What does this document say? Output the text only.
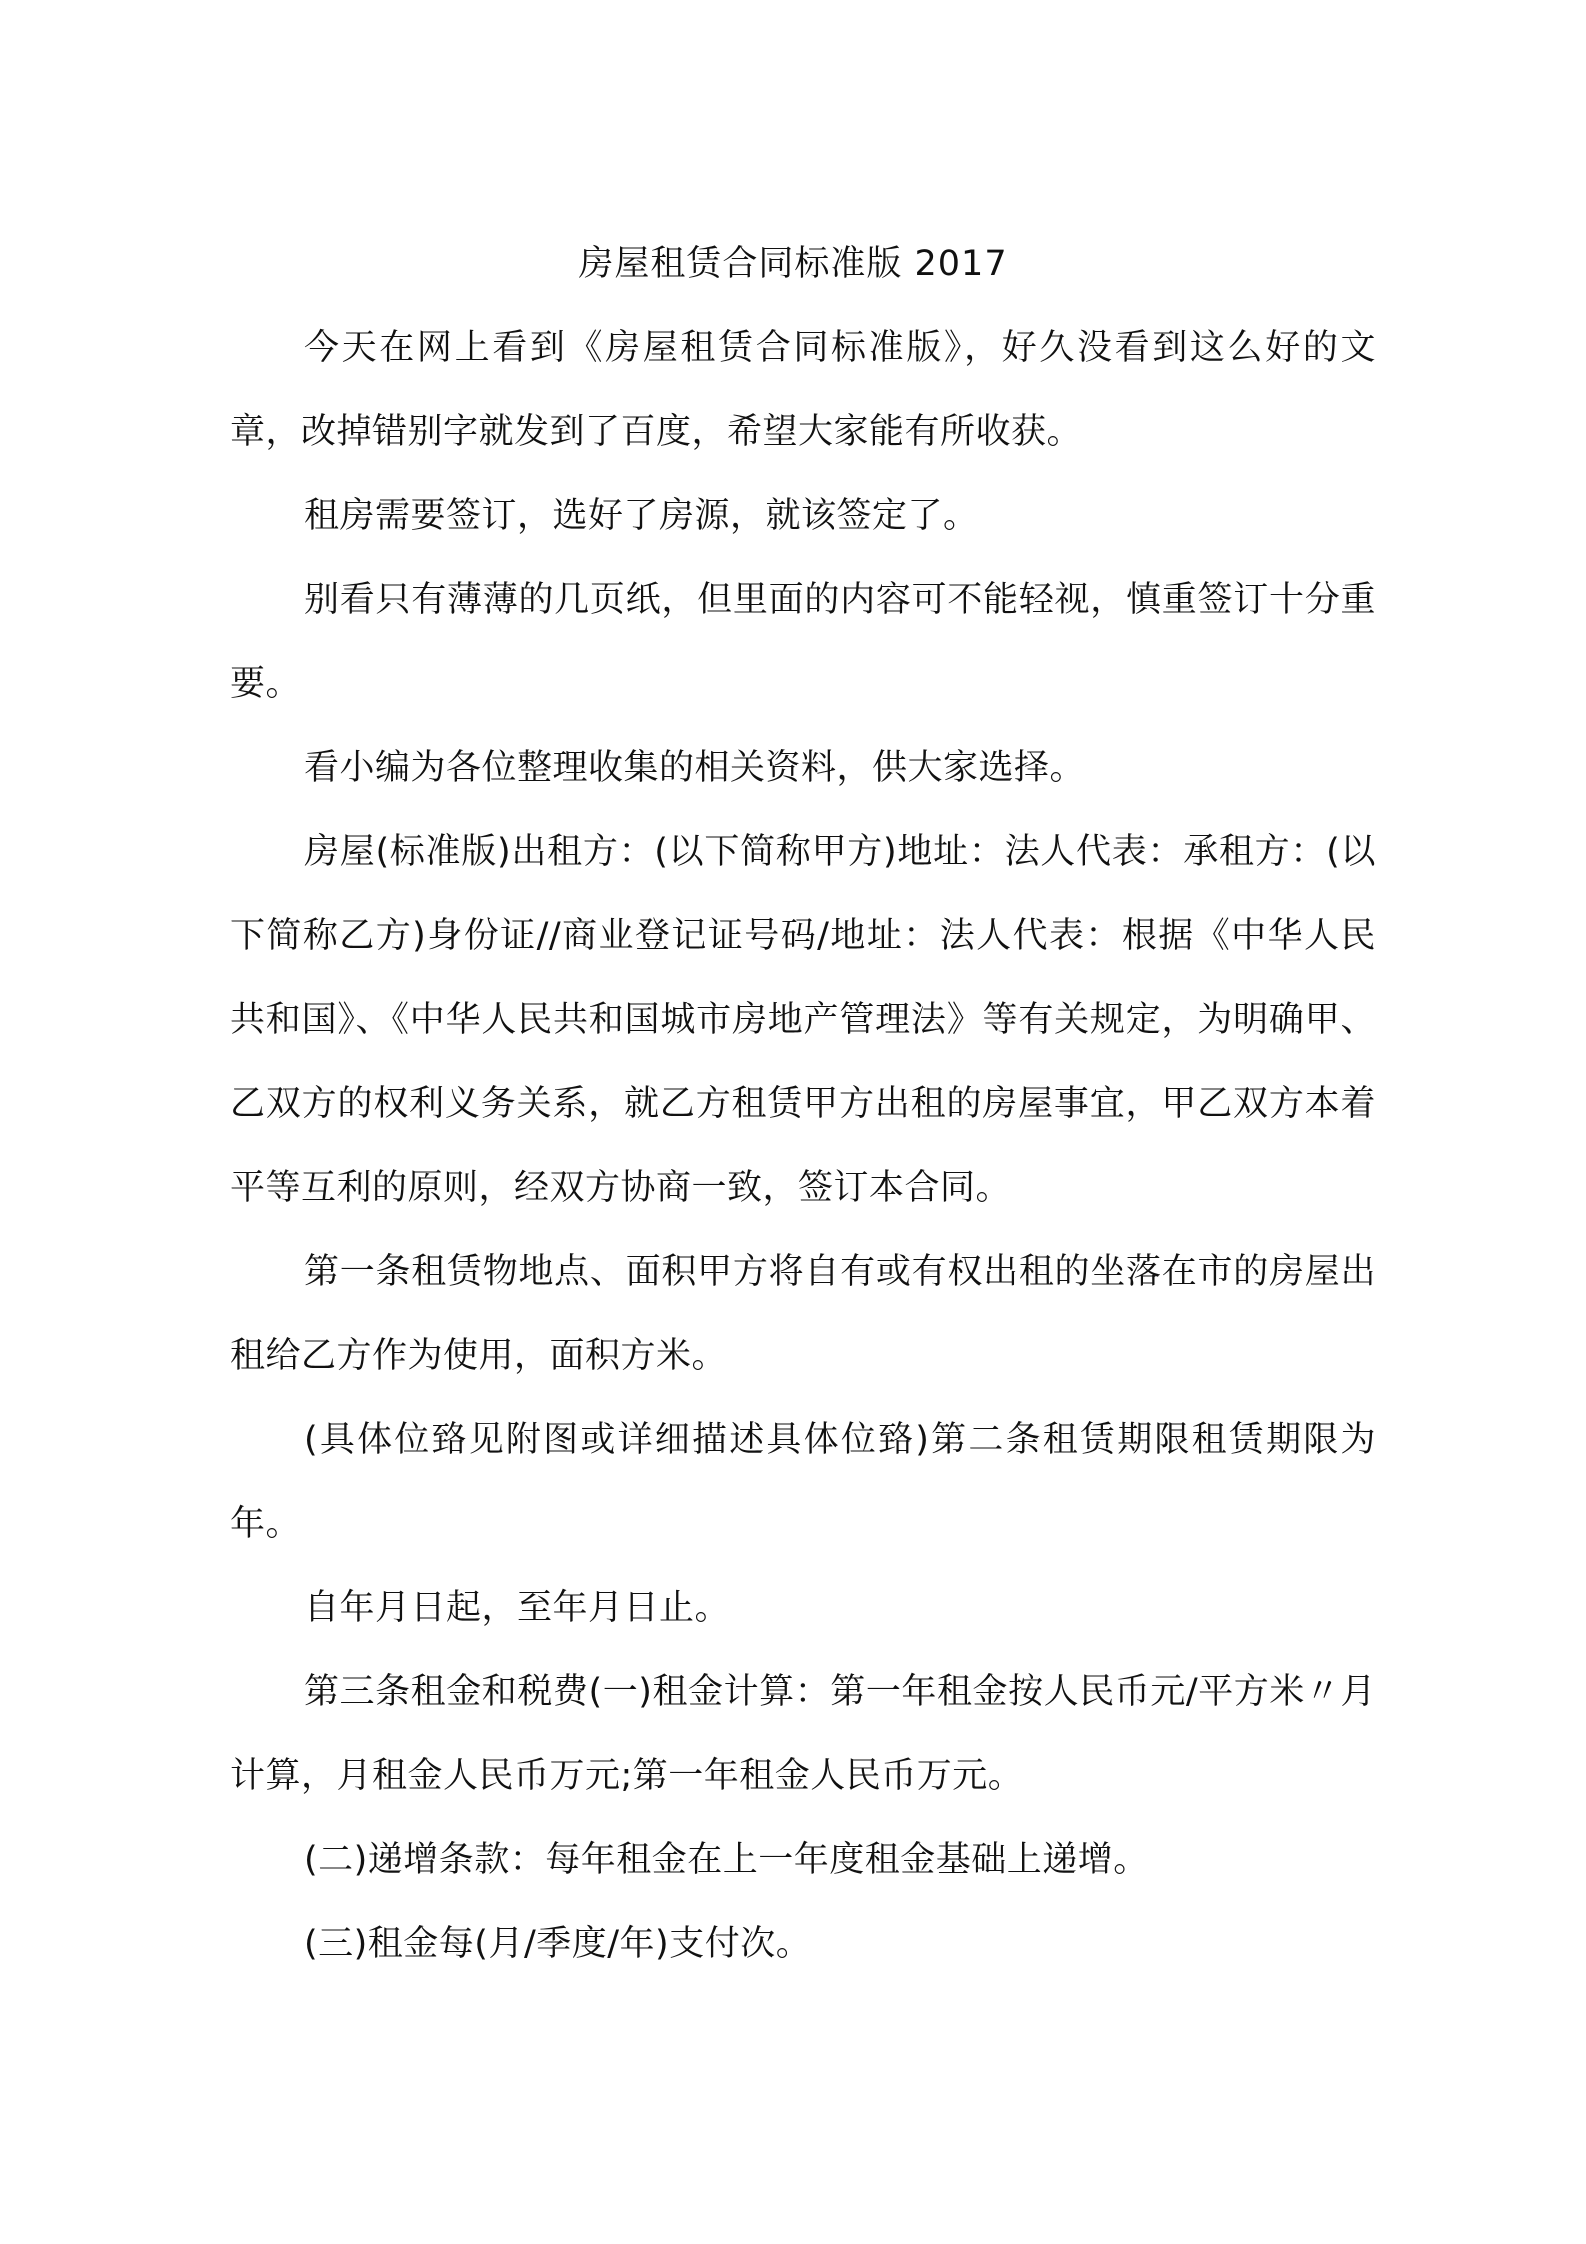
房屋租赁合同标准版 2017

今天在网上看到《房屋租赁合同标准版》，好久没看到这么好的文章，改掉错别字就发到了百度，希望大家能有所收获。

租房需要签订，选好了房源，就该签定了。

别看只有薄薄的几页纸，但里面的内容可不能轻视，慎重签订十分重要。

看小编为各位整理收集的相关资料，供大家选择。

房屋(标准版)出租方：(以下简称甲方)地址：法人代表：承租方：(以下简称乙方)身份证//商业登记证号码/地址：法人代表：根据《中华人民共和国》、《中华人民共和国城市房地产管理法》等有关规定，为明确甲、乙双方的权利义务关系，就乙方租赁甲方出租的房屋事宜，甲乙双方本着平等互利的原则，经双方协商一致，签订本合同。

第一条租赁物地点、面积甲方将自有或有权出租的坐落在市的房屋出租给乙方作为使用，面积方米。

(具体位臵见附图或详细描述具体位臵)第二条租赁期限租赁期限为年。

自年月日起，至年月日止。

第三条租金和税费(一)租金计算：第一年租金按人民币元/平方米〃月计算，月租金人民币万元;第一年租金人民币万元。

(二)递增条款：每年租金在上一年度租金基础上递增。

(三)租金每(月/季度/年)支付次。
